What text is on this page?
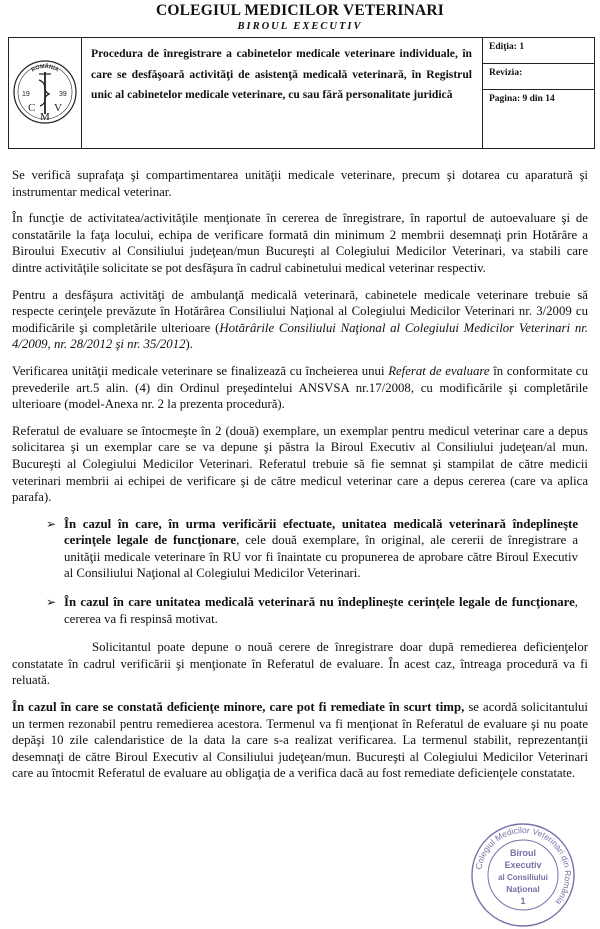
COLEGIUL MEDICILOR VETERINARI
BIROUL EXECUTIV
ROMÂNIA
19	39
C
M
V
Procedura de înregistrare a cabinetelor medicale veterinare individuale, în care se desfăşoară activităţi de asistenţă medicală veterinară, în Registrul unic al cabinetelor medicale veterinare, cu sau fără personalitate juridică
Ediţia: 1
Revizia:
Pagina: 9 din 14

Se verifică suprafaţa şi compartimentarea unităţii medicale veterinare, precum şi dotarea cu aparatură şi instrumentar medical veterinar.

În funcţie de activitatea/activităţile menţionate în cererea de înregistrare, în raportul de autoevaluare şi de constatările la faţa locului, echipa de verificare formată din minimum 2 membrii desemnaţi prin Hotărâre a Biroului Executiv al Consiliului judeţean/mun Bucureşti al Colegiului Medicilor Veterinari, va stabili care dintre activităţile solicitate se pot desfăşura în cadrul cabinetului medical veterinar respectiv.

Pentru a desfăşura activităţi de ambulanţă medicală veterinară, cabinetele medicale veterinare trebuie să respecte cerinţele prevăzute în Hotărârea Consiliului Naţional al Colegiului Medicilor Veterinari nr. 3/2009 cu modificările şi completările ulterioare (Hotărârile Consiliului Naţional al Colegiului Medicilor Veterinari nr. 4/2009, nr. 28/2012 şi nr. 35/2012).

Verificarea unităţii medicale veterinare se finalizează cu încheierea unui Referat de evaluare în conformitate cu prevederile art.5 alin. (4) din Ordinul preşedintelui ANSVSA nr.17/2008, cu modificările şi completările ulterioare (model-Anexa nr. 2 la prezenta procedură).

Referatul de evaluare se întocmeşte în 2 (două) exemplare, un exemplar pentru medicul veterinar care a depus solicitarea şi un exemplar care se va depune şi păstra la Biroul Executiv al Consiliului judeţean/al mun. Bucureşti al Colegiului Medicilor Veterinari. Referatul trebuie să fie semnat şi stampilat de către medicii veterinari membrii ai echipei de verificare şi de către medicul veterinar care a depus cererea (care va aplica parafa).

➢ În cazul în care, în urma verificării efectuate, unitatea medicală veterinară îndeplineşte cerinţele legale de funcţionare, cele două exemplare, în original, ale cererii de înregistrare a unităţii medicale veterinare în RU vor fi înaintate cu propunerea de aprobare către Biroul Executiv al Consiliului Naţional al Colegiului Medicilor Veterinari.
➢ În cazul în care unitatea medicală veterinară nu îndeplineşte cerinţele legale de funcţionare, cererea va fi respinsă motivat.

Solicitantul poate depune o nouă cerere de înregistrare doar după remedierea deficienţelor constatate în cadrul verificării şi menţionate în Referatul de evaluare. În acest caz, întreaga procedură va fi reluată.

În cazul în care se constată deficienţe minore, care pot fi remediate în scurt timp, se acordă solicitantului un termen rezonabil pentru remedierea acestora. Termenul va fi menţionat în Referatul de evaluare şi nu poate depăşi 10 zile calendaristice de la data la care s-a realizat verificarea. La termenul stabilit, reprezentanţii desemnaţi de către Biroul Executiv al Consiliului judeţean/mun. Bucureşti al Colegiului Medicilor Veterinari care au întocmit Referatul de evaluare au obligaţia de a verifica dacă au fost remediate deficienţele constatate.

Colegiul Medicilor Veterinari din România
Biroul
Executiv
al Consiliului
Naţional
1
